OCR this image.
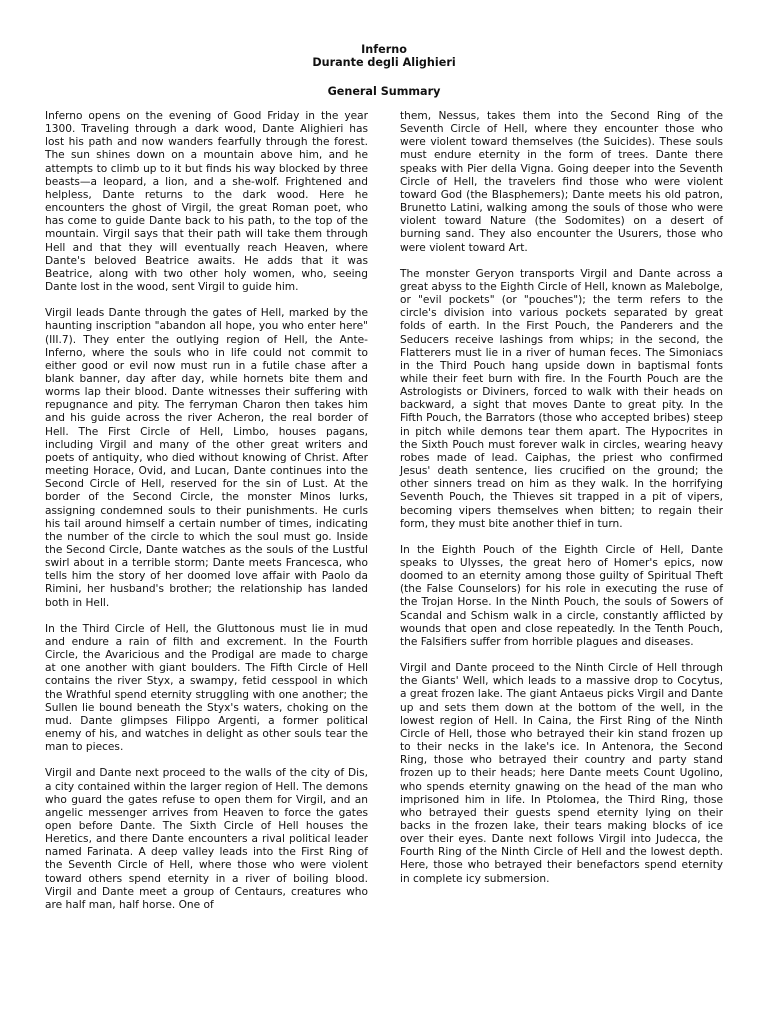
Inferno
Durante degli Alighieri
General Summary

Inferno opens on the evening of Good Friday in the year 1300. Traveling through a dark wood, Dante Alighieri has lost his path and now wanders fearfully through the forest. The sun shines down on a mountain above him, and he attempts to climb up to it but finds his way blocked by three beasts—a leopard, a lion, and a she-wolf. Frightened and helpless, Dante returns to the dark wood. Here he encounters the ghost of Virgil, the great Roman poet, who has come to guide Dante back to his path, to the top of the mountain. Virgil says that their path will take them through Hell and that they will eventually reach Heaven, where Dante's beloved Beatrice awaits. He adds that it was Beatrice, along with two other holy women, who, seeing Dante lost in the wood, sent Virgil to guide him.

Virgil leads Dante through the gates of Hell, marked by the haunting inscription "abandon all hope, you who enter here" (III.7). They enter the outlying region of Hell, the Ante-Inferno, where the souls who in life could not commit to either good or evil now must run in a futile chase after a blank banner, day after day, while hornets bite them and worms lap their blood. Dante witnesses their suffering with repugnance and pity. The ferryman Charon then takes him and his guide across the river Acheron, the real border of Hell. The First Circle of Hell, Limbo, houses pagans, including Virgil and many of the other great writers and poets of antiquity, who died without knowing of Christ. After meeting Horace, Ovid, and Lucan, Dante continues into the Second Circle of Hell, reserved for the sin of Lust. At the border of the Second Circle, the monster Minos lurks, assigning condemned souls to their punishments. He curls his tail around himself a certain number of times, indicating the number of the circle to which the soul must go. Inside the Second Circle, Dante watches as the souls of the Lustful swirl about in a terrible storm; Dante meets Francesca, who tells him the story of her doomed love affair with Paolo da Rimini, her husband's brother; the relationship has landed both in Hell.

In the Third Circle of Hell, the Gluttonous must lie in mud and endure a rain of filth and excrement. In the Fourth Circle, the Avaricious and the Prodigal are made to charge at one another with giant boulders. The Fifth Circle of Hell contains the river Styx, a swampy, fetid cesspool in which the Wrathful spend eternity struggling with one another; the Sullen lie bound beneath the Styx's waters, choking on the mud. Dante glimpses Filippo Argenti, a former political enemy of his, and watches in delight as other souls tear the man to pieces.

Virgil and Dante next proceed to the walls of the city of Dis, a city contained within the larger region of Hell. The demons who guard the gates refuse to open them for Virgil, and an angelic messenger arrives from Heaven to force the gates open before Dante. The Sixth Circle of Hell houses the Heretics, and there Dante encounters a rival political leader named Farinata. A deep valley leads into the First Ring of the Seventh Circle of Hell, where those who were violent toward others spend eternity in a river of boiling blood. Virgil and Dante meet a group of Centaurs, creatures who are half man, half horse. One of

them, Nessus, takes them into the Second Ring of the Seventh Circle of Hell, where they encounter those who were violent toward themselves (the Suicides). These souls must endure eternity in the form of trees. Dante there speaks with Pier della Vigna. Going deeper into the Seventh Circle of Hell, the travelers find those who were violent toward God (the Blasphemers); Dante meets his old patron, Brunetto Latini, walking among the souls of those who were violent toward Nature (the Sodomites) on a desert of burning sand. They also encounter the Usurers, those who were violent toward Art.

The monster Geryon transports Virgil and Dante across a great abyss to the Eighth Circle of Hell, known as Malebolge, or "evil pockets" (or "pouches"); the term refers to the circle's division into various pockets separated by great folds of earth. In the First Pouch, the Panderers and the Seducers receive lashings from whips; in the second, the Flatterers must lie in a river of human feces. The Simoniacs in the Third Pouch hang upside down in baptismal fonts while their feet burn with fire. In the Fourth Pouch are the Astrologists or Diviners, forced to walk with their heads on backward, a sight that moves Dante to great pity. In the Fifth Pouch, the Barrators (those who accepted bribes) steep in pitch while demons tear them apart. The Hypocrites in the Sixth Pouch must forever walk in circles, wearing heavy robes made of lead. Caiphas, the priest who confirmed Jesus' death sentence, lies crucified on the ground; the other sinners tread on him as they walk. In the horrifying Seventh Pouch, the Thieves sit trapped in a pit of vipers, becoming vipers themselves when bitten; to regain their form, they must bite another thief in turn.

In the Eighth Pouch of the Eighth Circle of Hell, Dante speaks to Ulysses, the great hero of Homer's epics, now doomed to an eternity among those guilty of Spiritual Theft (the False Counselors) for his role in executing the ruse of the Trojan Horse. In the Ninth Pouch, the souls of Sowers of Scandal and Schism walk in a circle, constantly afflicted by wounds that open and close repeatedly. In the Tenth Pouch, the Falsifiers suffer from horrible plagues and diseases.

Virgil and Dante proceed to the Ninth Circle of Hell through the Giants' Well, which leads to a massive drop to Cocytus, a great frozen lake. The giant Antaeus picks Virgil and Dante up and sets them down at the bottom of the well, in the lowest region of Hell. In Caina, the First Ring of the Ninth Circle of Hell, those who betrayed their kin stand frozen up to their necks in the lake's ice. In Antenora, the Second Ring, those who betrayed their country and party stand frozen up to their heads; here Dante meets Count Ugolino, who spends eternity gnawing on the head of the man who imprisoned him in life. In Ptolomea, the Third Ring, those who betrayed their guests spend eternity lying on their backs in the frozen lake, their tears making blocks of ice over their eyes. Dante next follows Virgil into Judecca, the Fourth Ring of the Ninth Circle of Hell and the lowest depth. Here, those who betrayed their benefactors spend eternity in complete icy submersion.
